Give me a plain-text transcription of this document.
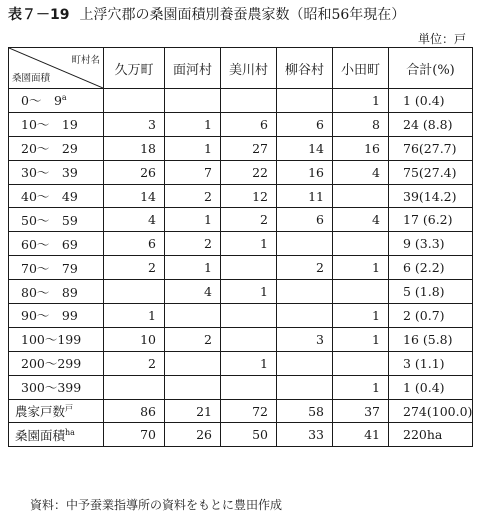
表７－19 上浮穴郡の桑園面積別養蚕農家数（昭和56年現在）
単位：戸
町村名
桑園面積	久万町	面河村	美川村	柳谷村	小田町	合計(%)
0～　9$^a$					1	1 (0.4)
10～　19	3	1	6	6	8	24 (8.8)
20～　29	18	1	27	14	16	76(27.7)
30～　39	26	7	22	16	4	75(27.4)
40～　49	14	2	12	11		39(14.2)
50～　59	4	1	2	6	4	17 (6.2)
60～　69	6	2	1			9 (3.3)
70～　79	2	1		2	1	6 (2.2)
80～　89		4	1			5 (1.8)
90～　99	1				1	2 (0.7)
100～199	10	2		3	1	16 (5.8)
200～299	2		1			3 (1.1)
300～399					1	1 (0.4)
農家戸数$^戸$	86	21	72	58	37	274(100.0)
桑園面積$^{ha}$	70	26	50	33	41	220ha
資料：中予蚕業指導所の資料をもとに豊田作成
